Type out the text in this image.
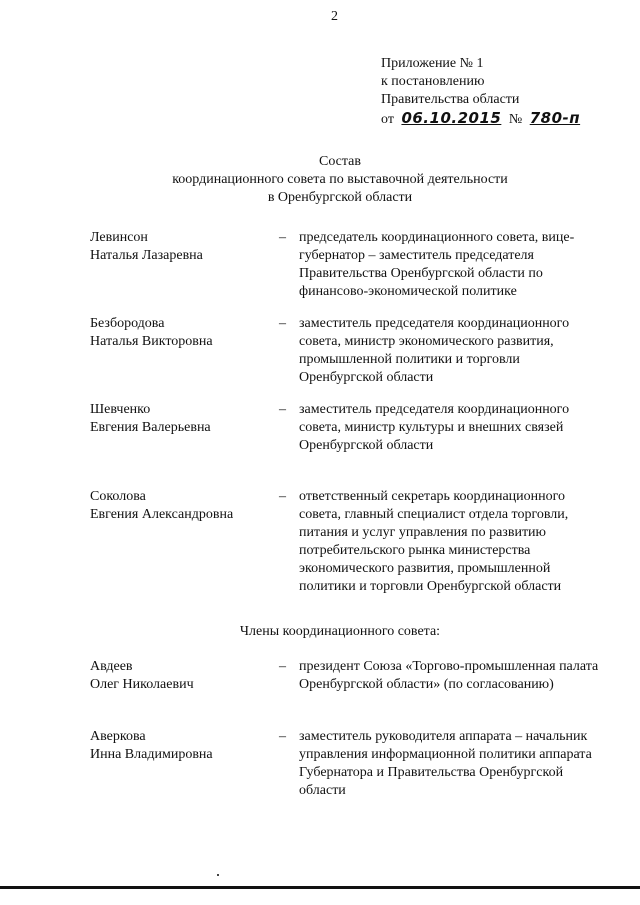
2
Приложение № 1
к постановлению
Правительства области
от 06.10.2015 № 780-п
Состав
координационного совета по выставочной деятельности
в Оренбургской области
Левинсон
Наталья Лазаревна
– председатель координационного совета, вице-губернатор – заместитель председателя Правительства Оренбургской области по финансово-экономической политике
Безбородова
Наталья Викторовна
– заместитель председателя координационного совета, министр экономического развития, промышленной политики и торговли Оренбургской области
Шевченко
Евгения Валерьевна
– заместитель председателя координационного совета, министр культуры и внешних связей Оренбургской области
Соколова
Евгения Александровна
– ответственный секретарь координационного совета, главный специалист отдела торговли, питания и услуг управления по развитию потребительского рынка министерства экономического развития, промышленной политики и торговли Оренбургской области
Члены координационного совета:
Авдеев
Олег Николаевич
– президент Союза «Торгово-промышленная палата Оренбургской области» (по согласованию)
Аверкова
Инна Владимировна
– заместитель руководителя аппарата – начальник управления информационной политики аппарата Губернатора и Правительства Оренбургской области
